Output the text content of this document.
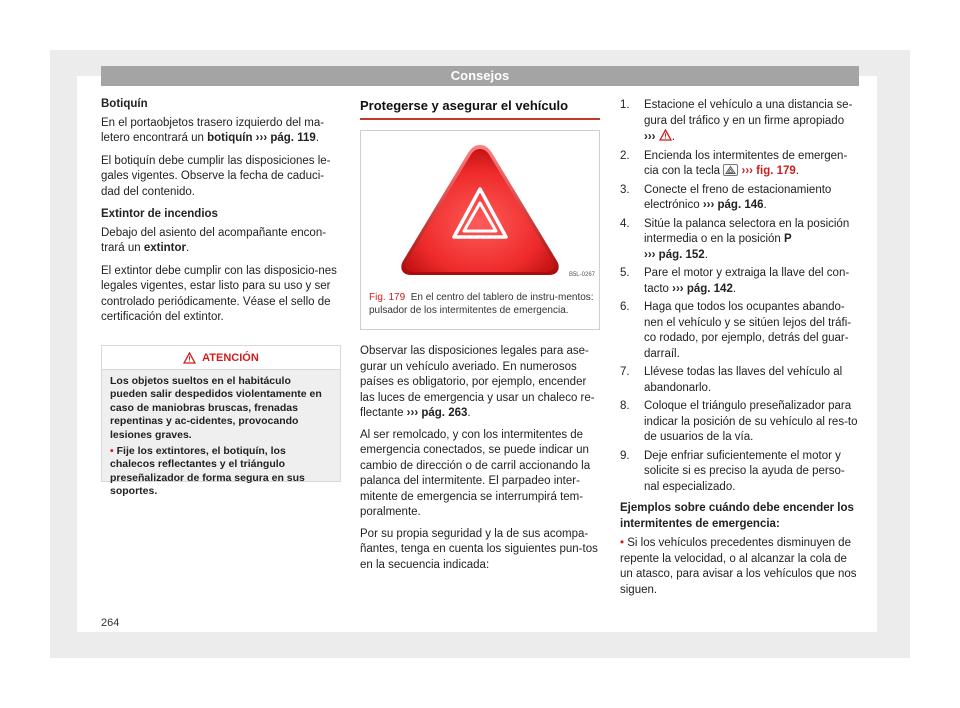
Consejos
Botiquín

En el portaobjetos trasero izquierdo del ma-letero encontrará un botiquín ››› pág. 119.

El botiquín debe cumplir las disposiciones le-gales vigentes. Observe la fecha de caduci-dad del contenido.

Extintor de incendios

Debajo del asiento del acompañante encon-trará un extintor.

El extintor debe cumplir con las disposicio-nes legales vigentes, estar listo para su uso y ser controlado periódicamente. Véase el sello de certificación del extintor.

ATENCIÓN

Los objetos sueltos en el habitáculo pueden salir despedidos violentamente en caso de maniobras bruscas, frenadas repentinas y ac-cidentes, provocando lesiones graves.

• Fije los extintores, el botiquín, los chalecos reflectantes y el triángulo preseñalizador de forma segura en sus soportes.

Protegerse y asegurar el vehículo
B5L-0267
Fig. 179 En el centro del tablero de instru-mentos: pulsador de los intermitentes de emergencia.

Observar las disposiciones legales para ase-gurar un vehículo averiado. En numerosos países es obligatorio, por ejemplo, encender las luces de emergencia y usar un chaleco re-flectante ››› pág. 263.

Al ser remolcado, y con los intermitentes de emergencia conectados, se puede indicar un cambio de dirección o de carril accionando la palanca del intermitente. El parpadeo inter-mitente de emergencia se interrumpirá tem-poralmente.

Por su propia seguridad y la de sus acompa-ñantes, tenga en cuenta los siguientes pun-tos en la secuencia indicada:

1.	Estacione el vehículo a una distancia se-gura del tráfico y en un firme apropiado
››› .
2.	Encienda los intermitentes de emergen-cia con la tecla ››› fig. 179.
3.	Conecte el freno de estacionamiento electrónico ››› pág. 146.
4.	Sitúe la palanca selectora en la posición intermedia o en la posición P
››› pág. 152.
5.	Pare el motor y extraiga la llave del con-tacto ››› pág. 142.
6.	Haga que todos los ocupantes abando-nen el vehículo y se sitúen lejos del tráfi-co rodado, por ejemplo, detrás del guar-darraíl.
7.	Llévese todas las llaves del vehículo al abandonarlo.
8.	Coloque el triángulo preseñalizador para indicar la posición de su vehículo al res-to de usuarios de la vía.
9.	Deje enfriar suficientemente el motor y solicite si es preciso la ayuda de perso-nal especializado.
Ejemplos sobre cuándo debe encender los intermitentes de emergencia:

• Si los vehículos precedentes disminuyen de repente la velocidad, o al alcanzar la cola de un atasco, para avisar a los vehículos que nos siguen.

264
